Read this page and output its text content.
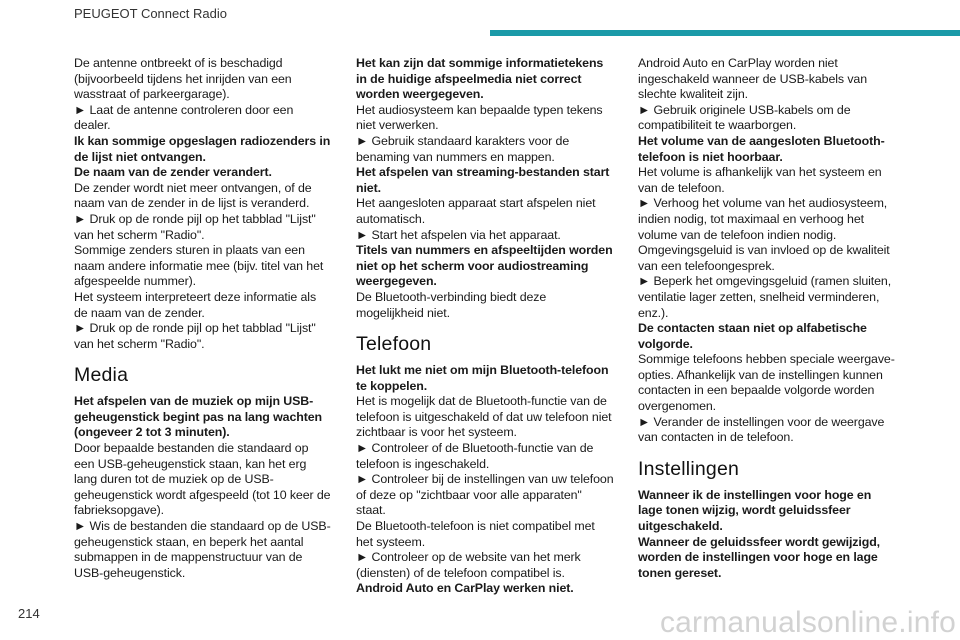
PEUGEOT Connect Radio

De antenne ontbreekt of is beschadigd (bijvoorbeeld tijdens het inrijden van een wasstraat of parkeergarage).

► Laat de antenne controleren door een dealer.

Ik kan sommige opgeslagen radiozenders in de lijst niet ontvangen.

De naam van de zender verandert.

De zender wordt niet meer ontvangen, of de naam van de zender in de lijst is veranderd.

► Druk op de ronde pijl op het tabblad "Lijst" van het scherm "Radio".

Sommige zenders sturen in plaats van een naam andere informatie mee (bijv. titel van het afgespeelde nummer).

Het systeem interpreteert deze informatie als de naam van de zender.

► Druk op de ronde pijl op het tabblad "Lijst" van het scherm "Radio".

Media

Het afspelen van de muziek op mijn USB-geheugenstick begint pas na lang wachten (ongeveer 2 tot 3 minuten).

Door bepaalde bestanden die standaard op een USB-geheugenstick staan, kan het erg lang duren tot de muziek op de USB-geheugenstick wordt afgespeeld (tot 10 keer de fabrieksopgave).

► Wis de bestanden die standaard op de USB-geheugenstick staan, en beperk het aantal submappen in de mappenstructuur van de USB-geheugenstick.

Het kan zijn dat sommige informatietekens in de huidige afspeelmedia niet correct worden weergegeven.

Het audiosysteem kan bepaalde typen tekens niet verwerken.

► Gebruik standaard karakters voor de benaming van nummers en mappen.

Het afspelen van streaming-bestanden start niet.

Het aangesloten apparaat start afspelen niet automatisch.

► Start het afspelen via het apparaat.

Titels van nummers en afspeeltijden worden niet op het scherm voor audiostreaming weergegeven.

De Bluetooth-verbinding biedt deze mogelijkheid niet.

Telefoon

Het lukt me niet om mijn Bluetooth-telefoon te koppelen.

Het is mogelijk dat de Bluetooth-functie van de telefoon is uitgeschakeld of dat uw telefoon niet zichtbaar is voor het systeem.

► Controleer of de Bluetooth-functie van de telefoon is ingeschakeld.

► Controleer bij de instellingen van uw telefoon of deze op "zichtbaar voor alle apparaten" staat.

De Bluetooth-telefoon is niet compatibel met het systeem.

► Controleer op de website van het merk (diensten) of de telefoon compatibel is.

Android Auto en CarPlay werken niet.

Android Auto en CarPlay worden niet ingeschakeld wanneer de USB-kabels van slechte kwaliteit zijn.

► Gebruik originele USB-kabels om de compatibiliteit te waarborgen.

Het volume van de aangesloten Bluetooth-telefoon is niet hoorbaar.

Het volume is afhankelijk van het systeem en van de telefoon.

► Verhoog het volume van het audiosysteem, indien nodig, tot maximaal en verhoog het volume van de telefoon indien nodig.

Omgevingsgeluid is van invloed op de kwaliteit van een telefoongesprek.

► Beperk het omgevingsgeluid (ramen sluiten, ventilatie lager zetten, snelheid verminderen, enz.).

De contacten staan niet op alfabetische volgorde.

Sommige telefoons hebben speciale weergave-opties. Afhankelijk van de instellingen kunnen contacten in een bepaalde volgorde worden overgenomen.

► Verander de instellingen voor de weergave van contacten in de telefoon.

Instellingen

Wanneer ik de instellingen voor hoge en lage tonen wijzig, wordt geluidssfeer uitgeschakeld.

Wanneer de geluidssfeer wordt gewijzigd, worden de instellingen voor hoge en lage tonen gereset.

214	carmanualsonline.info
